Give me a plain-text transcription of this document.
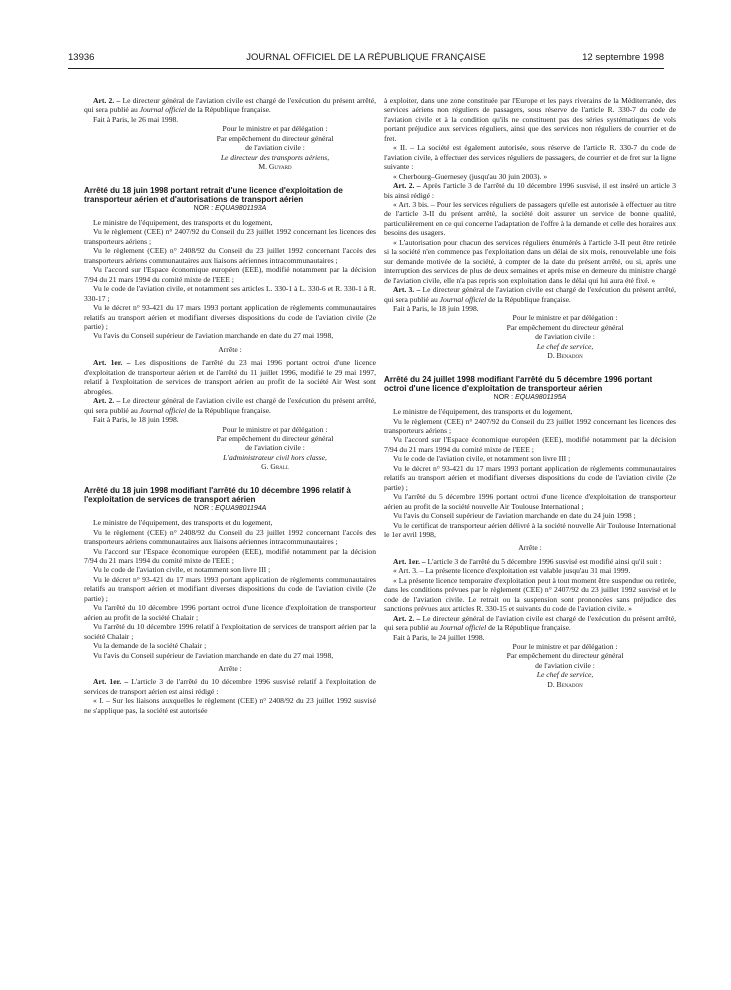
13936	JOURNAL OFFICIEL DE LA RÉPUBLIQUE FRANÇAISE	12 septembre 1998

Art. 2. – Le directeur général de l'aviation civile est chargé de l'exécution du présent arrêté, qui sera publié au Journal officiel de la République française.

Fait à Paris, le 26 mai 1998.

Pour le ministre et par délégation :

Par empêchement du directeur général

de l'aviation civile :

Le directeur des transports aériens,

M. Guyard

Arrêté du 18 juin 1998 portant retrait d'une licence d'exploitation de transporteur aérien et d'autorisations de transport aérien
NOR : EQUA9801193A

Le ministre de l'équipement, des transports et du logement,

Vu le règlement (CEE) n° 2407/92 du Conseil du 23 juillet 1992 concernant les licences des transporteurs aériens ;

Vu le règlement (CEE) n° 2408/92 du Conseil du 23 juillet 1992 concernant l'accès des transporteurs aériens communautaires aux liaisons aériennes intracommunautaires ;

Vu l'accord sur l'Espace économique européen (EEE), modifié notamment par la décision 7/94 du 21 mars 1994 du comité mixte de l'EEE ;

Vu le code de l'aviation civile, et notamment ses articles L. 330-1 à L. 330-6 et R. 330-1 à R. 330-17 ;

Vu le décret n° 93-421 du 17 mars 1993 portant application de règlements communautaires relatifs au transport aérien et modifiant diverses dispositions du code de l'aviation civile (2e partie) ;

Vu l'avis du Conseil supérieur de l'aviation marchande en date du 27 mai 1998,

Arrête :

Art. 1er. – Les dispositions de l'arrêté du 23 mai 1996 portant octroi d'une licence d'exploitation de transporteur aérien et de l'arrêté du 11 juillet 1996, modifié le 29 mai 1997, relatif à l'exploitation de services de transport aérien au profit de la société Air West sont abrogées.

Art. 2. – Le directeur général de l'aviation civile est chargé de l'exécution du présent arrêté, qui sera publié au Journal officiel de la République française.

Fait à Paris, le 18 juin 1998.

Pour le ministre et par délégation :

Par empêchement du directeur général

de l'aviation civile :

L'administrateur civil hors classe,

G. Grall

Arrêté du 18 juin 1998 modifiant l'arrêté du 10 décembre 1996 relatif à l'exploitation de services de transport aérien
NOR : EQUA9801194A

Le ministre de l'équipement, des transports et du logement,

Vu le règlement (CEE) n° 2408/92 du Conseil du 23 juillet 1992 concernant l'accès des transporteurs aériens communautaires aux liaisons aériennes intracommunautaires ;

Vu l'accord sur l'Espace économique européen (EEE), modifié notamment par la décision 7/94 du 21 mars 1994 du comité mixte de l'EEE ;

Vu le code de l'aviation civile, et notamment son livre III ;

Vu le décret n° 93-421 du 17 mars 1993 portant application de règlements communautaires relatifs au transport aérien et modifiant diverses dispositions du code de l'aviation civile (2e partie) ;

Vu l'arrêté du 10 décembre 1996 portant octroi d'une licence d'exploitation de transporteur aérien au profit de la société Chalair ;

Vu l'arrêté du 10 décembre 1996 relatif à l'exploitation de services de transport aérien par la société Chalair ;

Vu la demande de la société Chalair ;

Vu l'avis du Conseil supérieur de l'aviation marchande en date du 27 mai 1998,

Arrête :

Art. 1er. – L'article 3 de l'arrêté du 10 décembre 1996 susvisé relatif à l'exploitation de services de transport aérien est ainsi rédigé :

« I. – Sur les liaisons auxquelles le règlement (CEE) n° 2408/92 du 23 juillet 1992 susvisé ne s'applique pas, la société est autorisée

à exploiter, dans une zone constituée par l'Europe et les pays riverains de la Méditerranée, des services aériens non réguliers de passagers, sous réserve de l'article R. 330-7 du code de l'aviation civile et à la condition qu'ils ne constituent pas des séries systématiques de vols portant préjudice aux services réguliers, ainsi que des services non réguliers de courrier et de fret.

« II. – La société est également autorisée, sous réserve de l'article R. 330-7 du code de l'aviation civile, à effectuer des services réguliers de passagers, de courrier et de fret sur la ligne suivante :

« Cherbourg–Guernesey (jusqu'au 30 juin 2003). »

Art. 2. – Après l'article 3 de l'arrêté du 10 décembre 1996 susvisé, il est inséré un article 3 bis ainsi rédigé :

« Art. 3 bis. – Pour les services réguliers de passagers qu'elle est autorisée à effectuer au titre de l'article 3-II du présent arrêté, la société doit assurer un service de bonne qualité, particulièrement en ce qui concerne l'adaptation de l'offre à la demande et celle des horaires aux besoins des usagers.

« L'autorisation pour chacun des services réguliers énumérés à l'article 3-II peut être retirée si la société n'en commence pas l'exploitation dans un délai de six mois, renouvelable une fois sur demande motivée de la société, à compter de la date du présent arrêté, ou si, après une interruption des services de plus de deux semaines et après mise en demeure du ministre chargé de l'aviation civile, elle n'a pas repris son exploitation dans le délai qui lui aura été fixé. »

Art. 3. – Le directeur général de l'aviation civile est chargé de l'exécution du présent arrêté, qui sera publié au Journal officiel de la République française.

Fait à Paris, le 18 juin 1998.

Pour le ministre et par délégation :

Par empêchement du directeur général

de l'aviation civile :

Le chef de service,

D. Benadon

Arrêté du 24 juillet 1998 modifiant l'arrêté du 5 décembre 1996 portant octroi d'une licence d'exploitation de transporteur aérien
NOR : EQUA9801195A

Le ministre de l'équipement, des transports et du logement,

Vu le règlement (CEE) n° 2407/92 du Conseil du 23 juillet 1992 concernant les licences des transporteurs aériens ;

Vu l'accord sur l'Espace économique européen (EEE), modifié notamment par la décision 7/94 du 21 mars 1994 du comité mixte de l'EEE ;

Vu le code de l'aviation civile, et notamment son livre III ;

Vu le décret n° 93-421 du 17 mars 1993 portant application de règlements communautaires relatifs au transport aérien et modifiant diverses dispositions du code de l'aviation civile (2e partie) ;

Vu l'arrêté du 5 décembre 1996 portant octroi d'une licence d'exploitation de transporteur aérien au profit de la société nouvelle Air Toulouse International ;

Vu l'avis du Conseil supérieur de l'aviation marchande en date du 24 juin 1998 ;

Vu le certificat de transporteur aérien délivré à la société nouvelle Air Toulouse International le 1er avril 1998,

Arrête :

Art. 1er. – L'article 3 de l'arrêté du 5 décembre 1996 susvisé est modifié ainsi qu'il suit :

« Art. 3. – La présente licence d'exploitation est valable jusqu'au 31 mai 1999.

« La présente licence temporaire d'exploitation peut à tout moment être suspendue ou retirée, dans les conditions prévues par le règlement (CEE) n° 2407/92 du 23 juillet 1992 susvisé et le code de l'aviation civile. Le retrait ou la suspension sont prononcées sans préjudice des sanctions prévues aux articles R. 330-15 et suivants du code de l'aviation civile. »

Art. 2. – Le directeur général de l'aviation civile est chargé de l'exécution du présent arrêté, qui sera publié au Journal officiel de la République française.

Fait à Paris, le 24 juillet 1998.

Pour le ministre et par délégation :

Par empêchement du directeur général

de l'aviation civile :

Le chef de service,

D. Benadon
